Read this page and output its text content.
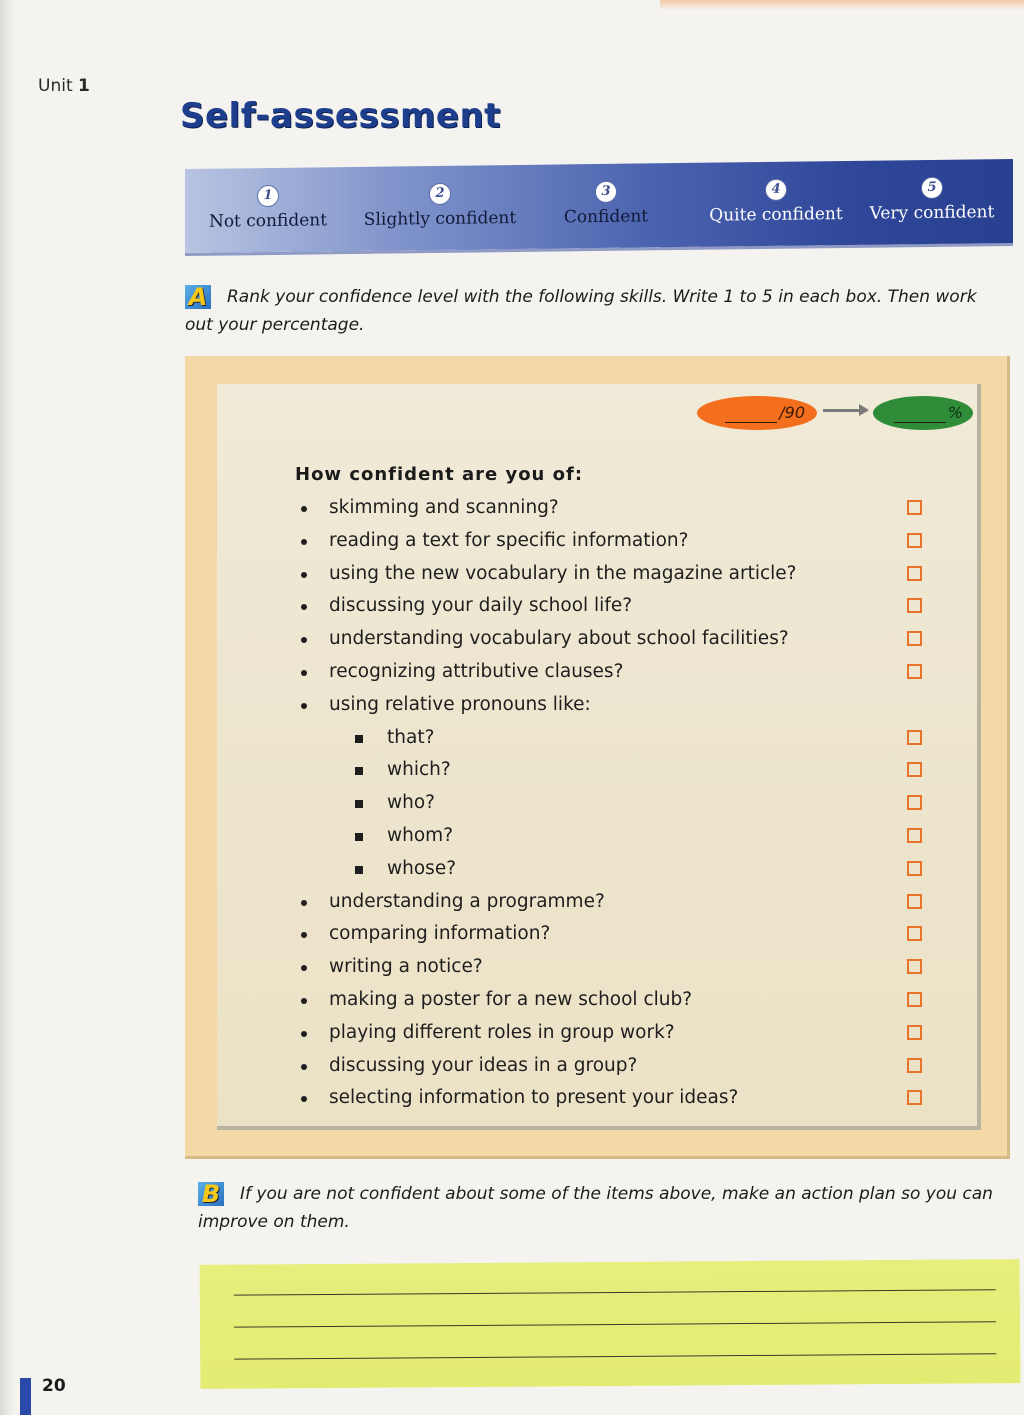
Unit 1
Self-assessment
1
Not confident
2
Slightly confident
3
Confident
4
Quite confident
5
Very confident
A Rank your confidence level with the following skills. Write 1 to 5 in each box. Then work out your percentage.
/90	%
How confident are you of:
skimming and scanning?
reading a text for specific information?
using the new vocabulary in the magazine article?
discussing your daily school life?
understanding vocabulary about school facilities?
recognizing attributive clauses?
using relative pronouns like:
that?
which?
who?
whom?
whose?
understanding a programme?
comparing information?
writing a notice?
making a poster for a new school club?
playing different roles in group work?
discussing your ideas in a group?
selecting information to present your ideas?
B If you are not confident about some of the items above, make an action plan so you can improve on them.
20
